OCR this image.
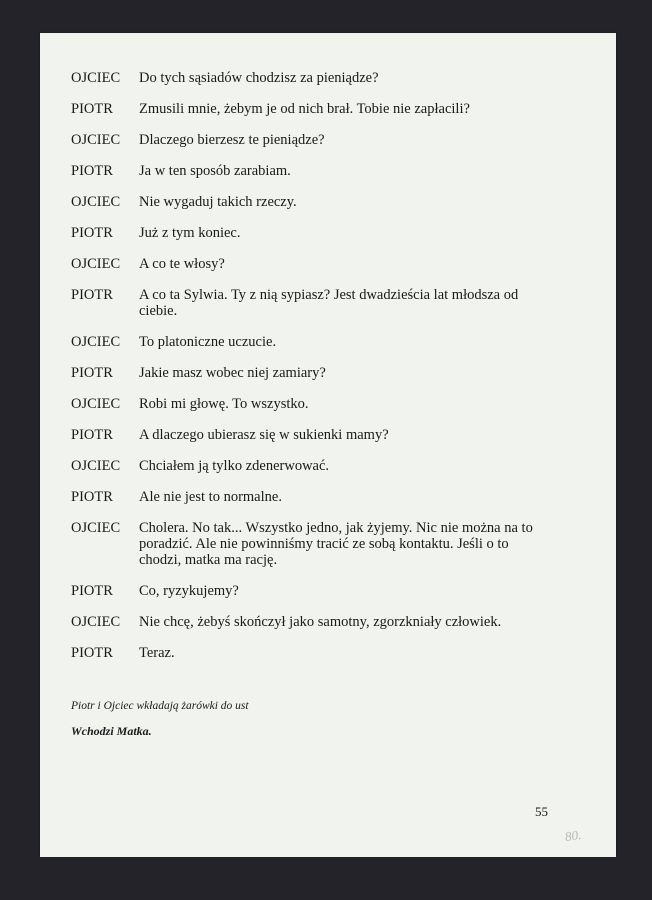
OJCIEC	Do tych sąsiadów chodzisz za pieniądze?
PIOTR	Zmusili mnie, żebym je od nich brał. Tobie nie zapłacili?
OJCIEC	Dlaczego bierzesz te pieniądze?
PIOTR	Ja w ten sposób zarabiam.
OJCIEC	Nie wygaduj takich rzeczy.
PIOTR	Już z tym koniec.
OJCIEC	A co te włosy?
PIOTR	A co ta Sylwia. Ty z nią sypiasz? Jest dwadzieścia lat młodsza od ciebie.
OJCIEC	To platoniczne uczucie.
PIOTR	Jakie masz wobec niej zamiary?
OJCIEC	Robi mi głowę. To wszystko.
PIOTR	A dlaczego ubierasz się w sukienki mamy?
OJCIEC	Chciałem ją tylko zdenerwować.
PIOTR	Ale nie jest to normalne.
OJCIEC	Cholera. No tak... Wszystko jedno, jak żyjemy. Nic nie można na to poradzić. Ale nie powinniśmy tracić ze sobą kontaktu. Jeśli o to chodzi, matka ma rację.
PIOTR	Co, ryzykujemy?
OJCIEC	Nie chcę, żebyś skończył jako samotny, zgorzkniały człowiek.
PIOTR	Teraz.
Piotr i Ojciec wkładają żarówki do ust
Wchodzi Matka.
55
80.
